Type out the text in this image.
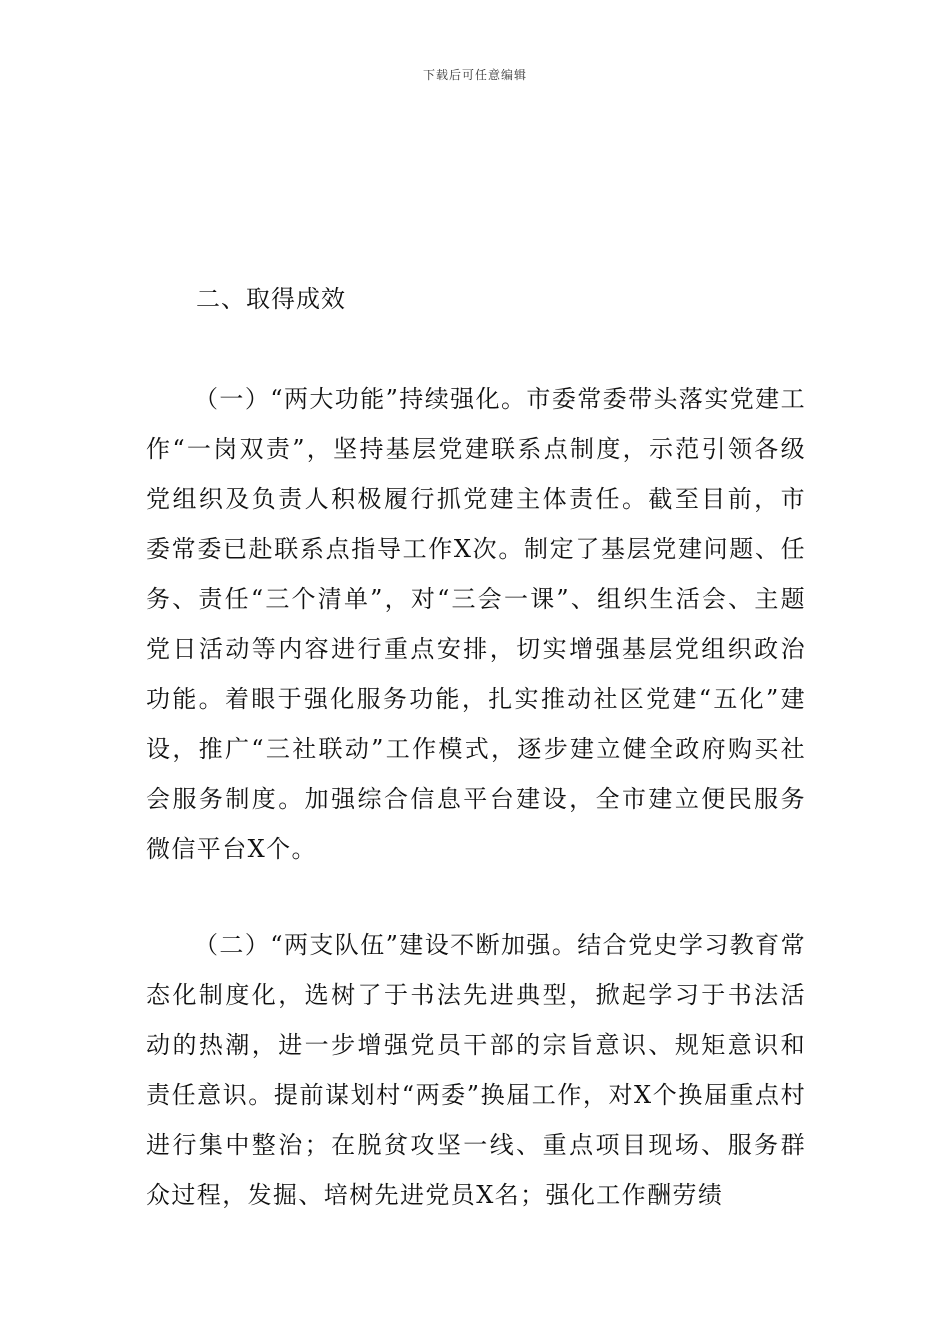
下载后可任意编辑
二、取得成效

（一）“两大功能”持续强化。市委常委带头落实党建工作“一岗双责”，坚持基层党建联系点制度，示范引领各级党组织及负责人积极履行抓党建主体责任。截至目前，市委常委已赴联系点指导工作X次。制定了基层党建问题、任务、责任“三个清单”，对“三会一课”、组织生活会、主题党日活动等内容进行重点安排，切实增强基层党组织政治功能。着眼于强化服务功能，扎实推动社区党建“五化”建设，推广“三社联动”工作模式，逐步建立健全政府购买社会服务制度。加强综合信息平台建设，全市建立便民服务微信平台X个。

（二）“两支队伍”建设不断加强。结合党史学习教育常态化制度化，选树了于书法先进典型，掀起学习于书法活动的热潮，进一步增强党员干部的宗旨意识、规矩意识和责任意识。提前谋划村“两委”换届工作，对X个换届重点村进行集中整治；在脱贫攻坚一线、重点项目现场、服务群众过程，发掘、培树先进党员X名；强化工作酬劳绩
